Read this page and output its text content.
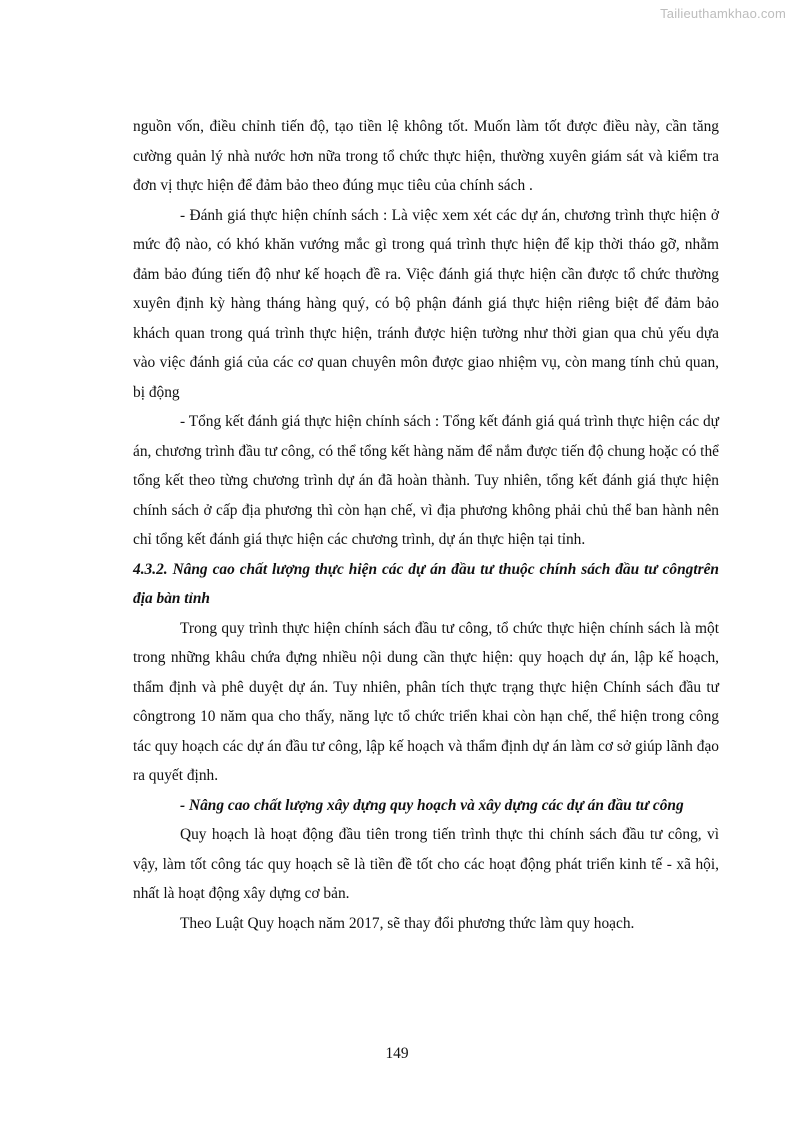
Tailieuthamkhao.com

nguồn vốn, điều chỉnh tiến độ, tạo tiền lệ không tốt. Muốn làm tốt được điều này, cần tăng cường quản lý nhà nước hơn nữa trong tổ chức thực hiện, thường xuyên giám sát và kiểm tra đơn vị thực hiện để đảm bảo theo đúng mục tiêu của chính sách .

- Đánh giá thực hiện chính sách : Là việc xem xét các dự án, chương trình thực hiện ở mức độ nào, có khó khăn vướng mắc gì trong quá trình thực hiện để kịp thời tháo gỡ, nhằm đảm bảo đúng tiến độ như kế hoạch đề ra. Việc đánh giá thực hiện cần được tổ chức thường xuyên định kỳ hàng tháng hàng quý, có bộ phận đánh giá thực hiện riêng biệt để đảm bảo khách quan trong quá trình thực hiện, tránh được hiện tường như thời gian qua chủ yếu dựa vào việc đánh giá của các cơ quan chuyên môn được giao nhiệm vụ, còn mang tính chủ quan, bị động

- Tổng kết đánh giá thực hiện chính sách : Tổng kết đánh giá quá trình thực hiện các dự án, chương trình đầu tư công, có thể tổng kết hàng năm để nắm được tiến độ chung hoặc có thể tổng kết theo từng chương trình dự án đã hoàn thành. Tuy nhiên, tổng kết đánh giá thực hiện chính sách ở cấp địa phương thì còn hạn chế, vì địa phương không phải chủ thể ban hành nên chỉ tổng kết đánh giá thực hiện các chương trình, dự án thực hiện tại tỉnh.

4.3.2. Nâng cao chất lượng thực hiện các dự án đầu tư thuộc chính sách đầu tư côngtrên địa bàn tỉnh

Trong quy trình thực hiện chính sách đầu tư công, tổ chức thực hiện chính sách là một trong những khâu chứa đựng nhiều nội dung cần thực hiện: quy hoạch dự án, lập kế hoạch, thẩm định và phê duyệt dự án. Tuy nhiên, phân tích thực trạng thực hiện Chính sách đầu tư côngtrong 10 năm qua cho thấy, năng lực tổ chức triển khai còn hạn chế, thể hiện trong công tác quy hoạch các dự án đầu tư công, lập kế hoạch và thẩm định dự án làm cơ sở giúp lãnh đạo ra quyết định.

- Nâng cao chất lượng xây dựng quy hoạch và xây dựng các dự án đầu tư công

Quy hoạch là hoạt động đầu tiên trong tiến trình thực thi chính sách đầu tư công, vì vậy, làm tốt công tác quy hoạch sẽ là tiền đề tốt cho các hoạt động phát triển kinh tế - xã hội, nhất là hoạt động xây dựng cơ bản.

Theo Luật Quy hoạch năm 2017, sẽ thay đổi phương thức làm quy hoạch.

149
